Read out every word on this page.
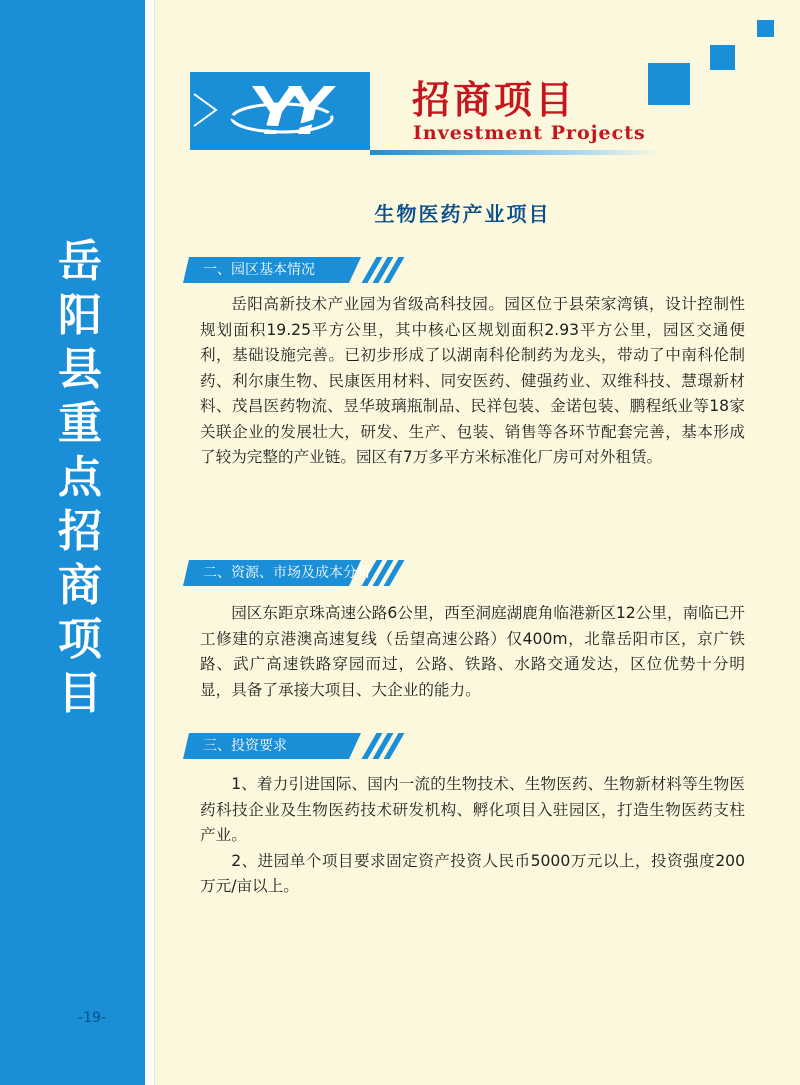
岳
阳
县
重
点
招
商
项
目
-19-
招商项目
Investment Projects
生物医药产业项目
一、园区基本情况

岳阳高新技术产业园为省级高科技园。园区位于县荣家湾镇，设计控制性规划面积19.25平方公里，其中核心区规划面积2.93平方公里，园区交通便利，基础设施完善。已初步形成了以湖南科伦制药为龙头，带动了中南科伦制药、利尔康生物、民康医用材料、同安医药、健强药业、双维科技、慧璟新材料、茂昌医药物流、昱华玻璃瓶制品、民祥包装、金诺包装、鹏程纸业等18家关联企业的发展壮大，研发、生产、包装、销售等各环节配套完善，基本形成了较为完整的产业链。园区有7万多平方米标准化厂房可对外租赁。

二、资源、市场及成本分析

园区东距京珠高速公路6公里，西至洞庭湖鹿角临港新区12公里，南临已开工修建的京港澳高速复线（岳望高速公路）仅400m，北靠岳阳市区，京广铁路、武广高速铁路穿园而过，公路、铁路、水路交通发达，区位优势十分明显，具备了承接大项目、大企业的能力。

三、投资要求

1、着力引进国际、国内一流的生物技术、生物医药、生物新材料等生物医药科技企业及生物医药技术研发机构、孵化项目入驻园区，打造生物医药支柱产业。

2、进园单个项目要求固定资产投资人民币5000万元以上，投资强度200万元/亩以上。
